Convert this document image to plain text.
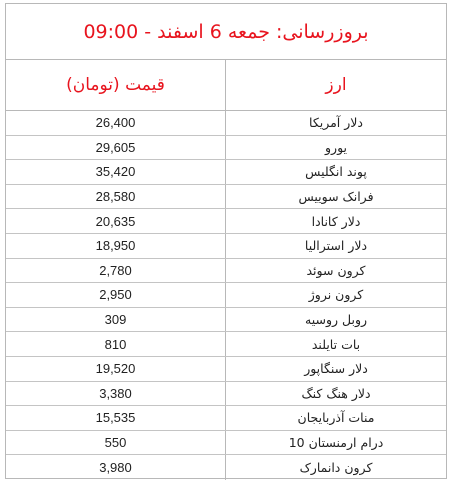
بروزرسانی: جمعه 6 اسفند - 09:00
قیمت (تومان)	ارز
26,400	دلار آمریکا
29,605	یورو
35,420	پوند انگلیس
28,580	فرانک سوییس
20,635	دلار کانادا
18,950	دلار استرالیا
2,780	کرون سوئد
2,950	کرون نروژ
309	روبل روسیه
810	بات تایلند
19,520	دلار سنگاپور
3,380	دلار هنگ کنگ
15,535	منات آذربایجان
550	درام ارمنستان 10
3,980	کرون دانمارک
